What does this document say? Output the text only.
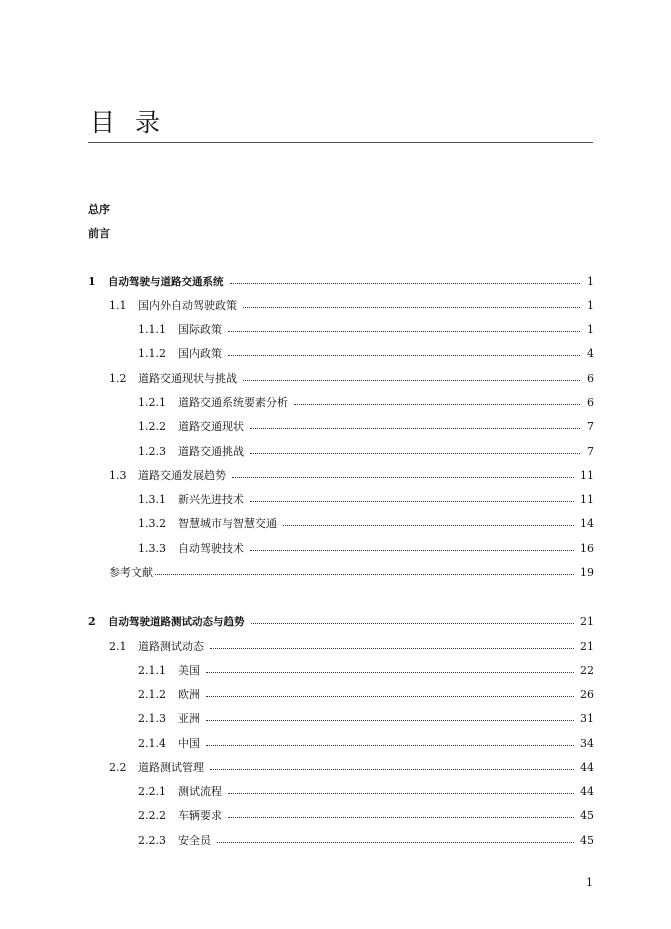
目 录
总序
前言
1	自动驾驶与道路交通系统	1
1.1	国内外自动驾驶政策	1
1.1.1	国际政策	1
1.1.2	国内政策	4
1.2	道路交通现状与挑战	6
1.2.1	道路交通系统要素分析	6
1.2.2	道路交通现状	7
1.2.3	道路交通挑战	7
1.3	道路交通发展趋势	11
1.3.1	新兴先进技术	11
1.3.2	智慧城市与智慧交通	14
1.3.3	自动驾驶技术	16
参考文献	19
2	自动驾驶道路测试动态与趋势	21
2.1	道路测试动态	21
2.1.1	美国	22
2.1.2	欧洲	26
2.1.3	亚洲	31
2.1.4	中国	34
2.2	道路测试管理	44
2.2.1	测试流程	44
2.2.2	车辆要求	45
2.2.3	安全员	45
1
